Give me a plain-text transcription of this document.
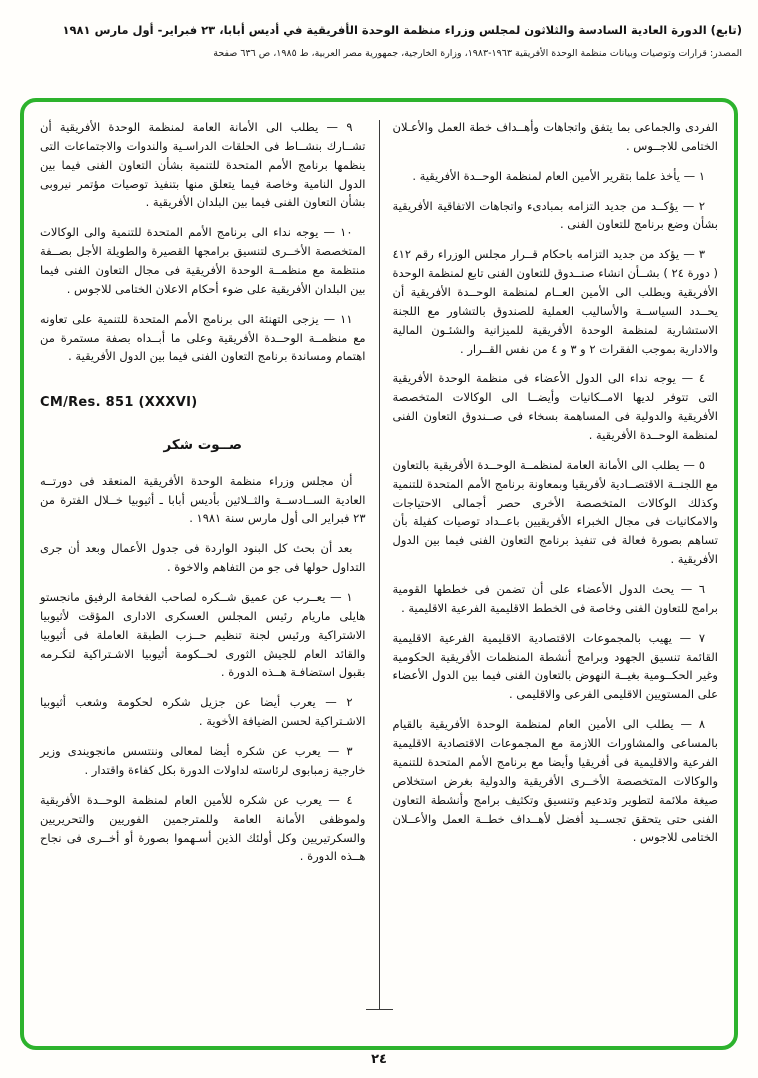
(تابع) الدورة العادية السادسة والثلاثون لمجلس وزراء منظمة الوحدة الأفريقية في أديس أبابا، ٢٣ فبراير- أول مارس ١٩٨١
المصدر: قرارات وتوصيات وبيانات منظمة الوحدة الأفريقية ١٩٦٣-١٩٨٣، وزارة الخارجية، جمهورية مصر العربية، ط ١٩٨٥، ص ٦٣٦ صفحة

الفردى والجماعى بما يتفق واتجاهات وأهــداف خطة العمل والأعـلان الختامى للاجــوس .

١ — يأخذ علما بتقرير الأمين العام لمنظمة الوحــدة الأفريقية .

٢ — يؤكــد من جديد التزامه بمبادىء واتجاهات الاتفاقية الأفريقية بشأن وضع برنامج للتعاون الفنى .

٣ — يؤكد من جديد التزامه باحكام قــرار مجلس الوزراء رقم ٤١٢ ( دورة ٢٤ ) بشــأن انشاء صنــدوق للتعاون الفنى تابع لمنظمة الوحدة الأفريقية ويطلب الى الأمين العــام لمنظمة الوحــدة الأفريقية أن يحــدد السياســة والأساليب العملية للصندوق بالتشاور مع اللجنة الاستشارية لمنظمة الوحدة الأفريقية للميزانية والشئـون المالية والادارية بموجب الفقرات ٢ و ٣ و ٤ من نفس القــرار .

٤ — يوجه نداء الى الدول الأعضاء فى منظمة الوحدة الأفريقية التى تتوفر لديها الامــكانيات وأيضــا الى الوكالات المتخصصة الأفريقية والدولية فى المساهمة بسخاء فى صــندوق التعاون الفنى لمنظمة الوحــدة الأفريقية .

٥ — يطلب الى الأمانة العامة لمنظمــة الوحــدة الأفريقية بالتعاون مع اللجنــة الاقتصــادية لأفريقيا وبمعاونة برنامج الأمم المتحدة للتنمية وكذلك الوكالات المتخصصة الأخرى حصر أجمالى الاحتياجات والامكانيات فى مجال الخبراء الأفريقيين باعــداد توصيات كفيلة بأن تساهم بصورة فعالة فى تنفيذ برنامج التعاون الفنى فيما بين الدول الأفريقية .

٦ — يحث الدول الأعضاء على أن تضمن فى خططها القومية برامج للتعاون الفنى وخاصة فى الخطط الاقليمية الفرعية الاقليمية .

٧ — يهيب بالمجموعات الاقتصادية الاقليمية الفرعية الاقليمية القائمة تنسيق الجهود وبرامج أنشطة المنظمات الأفريقية الحكومية وغير الحكــومية بغيــة النهوض بالتعاون الفنى فيما بين الدول الأعضاء على المستويين الاقليمى الفرعى والاقليمى .

٨ — يطلب الى الأمين العام لمنظمة الوحدة الأفريقية بالقيام بالمساعى والمشاورات اللازمة مع المجموعات الاقتصادية الاقليمية الفرعية والاقليمية فى أفريقيا وأيضا مع برنامج الأمم المتحدة للتنمية والوكالات المتخصصة الأخــرى الأفريقية والدولية بغرض استخلاص صيغة ملائمة لتطوير وتدعيم وتنسيق وتكثيف برامج وأنشطة التعاون الفنى حتى يتحقق تجســيد أفضل لأهــداف خطــة العمل والأعــلان الختامى للاجوس .

٩ — يطلب الى الأمانة العامة لمنظمة الوحدة الأفريقية أن تشــارك بنشــاط فى الحلقات الدراسـية والندوات والاجتماعات التى ينظمها برنامج الأمم المتحدة للتنمية بشأن التعاون الفنى فيما بين الدول النامية وخاصة فيما يتعلق منها بتنفيذ توصيات مؤتمر نيروبى بشأن التعاون الفنى فيما بين البلدان الأفريقية .

١٠ — يوجه نداء الى برنامج الأمم المتحدة للتنمية والى الوكالات المتخصصة الأخــرى لتنسيق برامجها القصيرة والطويلة الأجل بصــفة منتظمة مع منظمــة الوحدة الأفريقية فى مجال التعاون الفنى فيما بين البلدان الأفريقية على ضوء أحكام الاعلان الختامى للاجوس .

١١ — يزجى التهنئة الى برنامج الأمم المتحدة للتنمية على تعاونه مع منظمــة الوحــدة الأفريقية وعلى ما أبــداه بصفة مستمرة من اهتمام ومساندة برنامج التعاون الفنى فيما بين الدول الأفريقية .

CM/Res. 851 (XXXVI)
صــوت شكر

أن مجلس وزراء منظمة الوحدة الأفريقية المنعقد فى دورتــه العادية الســادســة والثــلاثين بأديس أبابا ـ أثيوبيا خــلال الفترة من ٢٣ فبراير الى أول مارس سنة ١٩٨١ .

بعد أن بحث كل البنود الواردة فى جدول الأعمال وبعد أن جرى التداول حولها فى جو من التفاهم والاخوة .

١ — يعــرب عن عميق شــكره لصاحب الفخامة الرفيق مانجستو هايلى ماريام رئيس المجلس العسكرى الادارى المؤقت لأثيوبيا الاشتراكية ورئيس لجنة تنظيم حــزب الطبقة العاملة فى أثيوبيا والقائد العام للجيش الثورى لحــكومة أثيوبيا الاشـتراكية لتكـرمه بقبول استضافـة هــذه الدورة .

٢ — يعرب أيضا عن جزيل شكره لحكومة وشعب أثيوبيا الاشـتراكية لحسن الضيافة الأخوية .

٣ — يعرب عن شكره أيضا لمعالى وننتسس مانجويندى وزير خارجية زمبابوى لرئاسته لداولات الدورة بكل كفاءة واقتدار .

٤ — يعرب عن شكره للأمين العام لمنظمة الوحــدة الأفريقية ولموظفى الأمانة العامة وللمترجمين الفوريين والتحريريين والسكرتيريين وكل أولئك الذين أسـهموا بصورة أو أخــرى فى نجاح هــذه الدورة .

٢٤
